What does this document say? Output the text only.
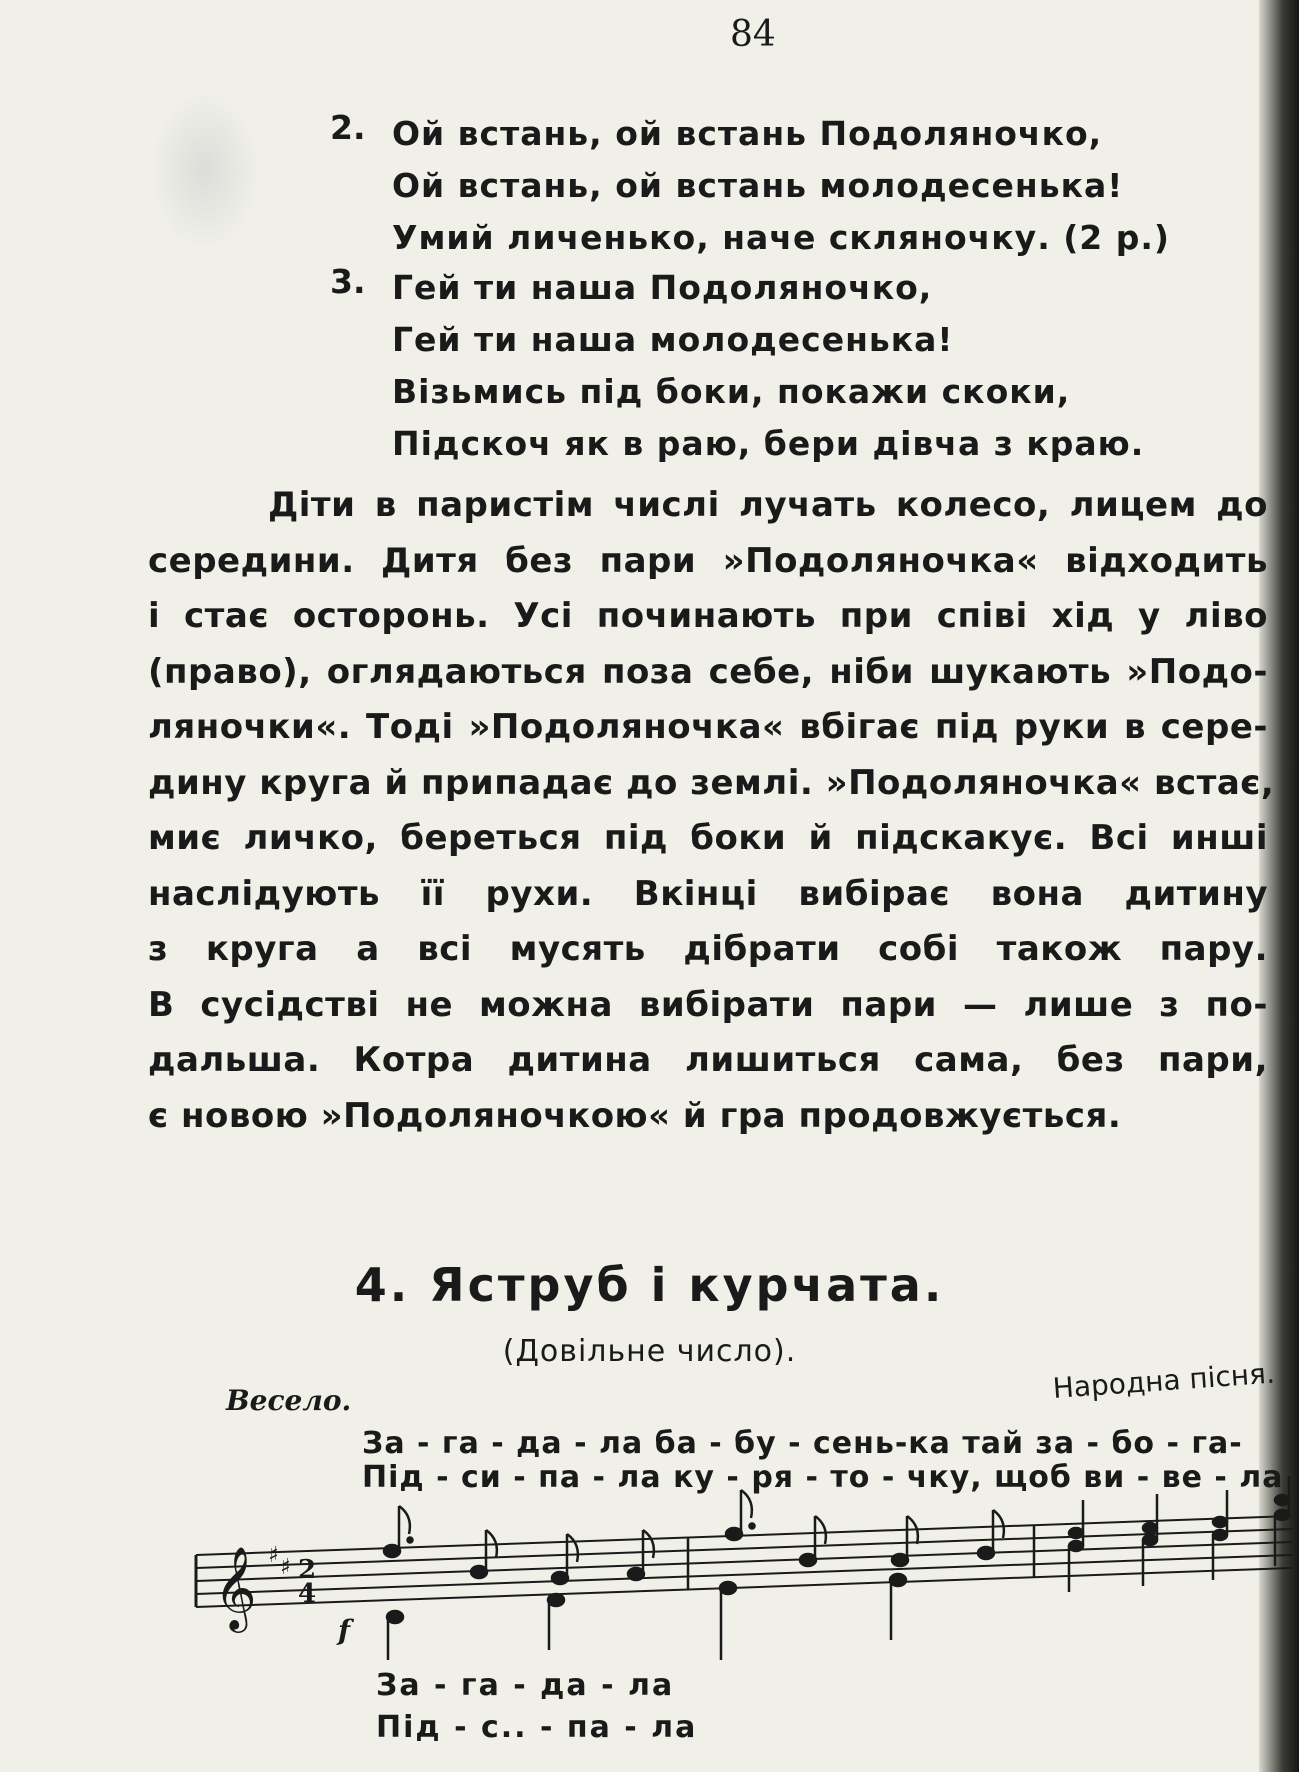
84
2. Ой встань, ой встань Подоляночко,
Ой встань, ой встань молодесенька!
Умий личенько, наче скляночку. (2 р.)
3. Гей ти наша Подоляночко,
Гей ти наша молодесенька!
Візьмись під боки, покажи скоки,
Підскоч як в раю, бери дівча з краю.
Діти в паристім числі лучать колесо, лицем до
середини. Дитя без пари »Подоляночка« відходить
і стає осторонь. Усі починають при співі хід у ліво
(право), оглядаються поза себе, ніби шукають »Подо-
ляночки«. Тоді »Подоляночка« вбігає під руки в сере-
дину круга й припадає до землі. »Подоляночка« встає,
миє личко, береться під боки й підскакує. Всі инші
наслідують її рухи. Вкінці вибірає вона дитину
з круга а всі мусять дібрати собі також пару.
В сусідстві не можна вибірати пари — лише з по-
дальша. Котра дитина лишиться сама, без пари,
є новою »Подоляночкою« й гра продовжується.
4. Яструб і курчата.
(Довільне число).
Весело.	Народна пісня.
За - га - да - ла ба - бу - сень-ка тай за - бо - га-
Під - си - па - ла ку - ря - то - чку, щоб ви - ве - ла
𝄞 ♯ ♯ 2
4
f
За - га - да - ла
Під - с.. - па - ла
